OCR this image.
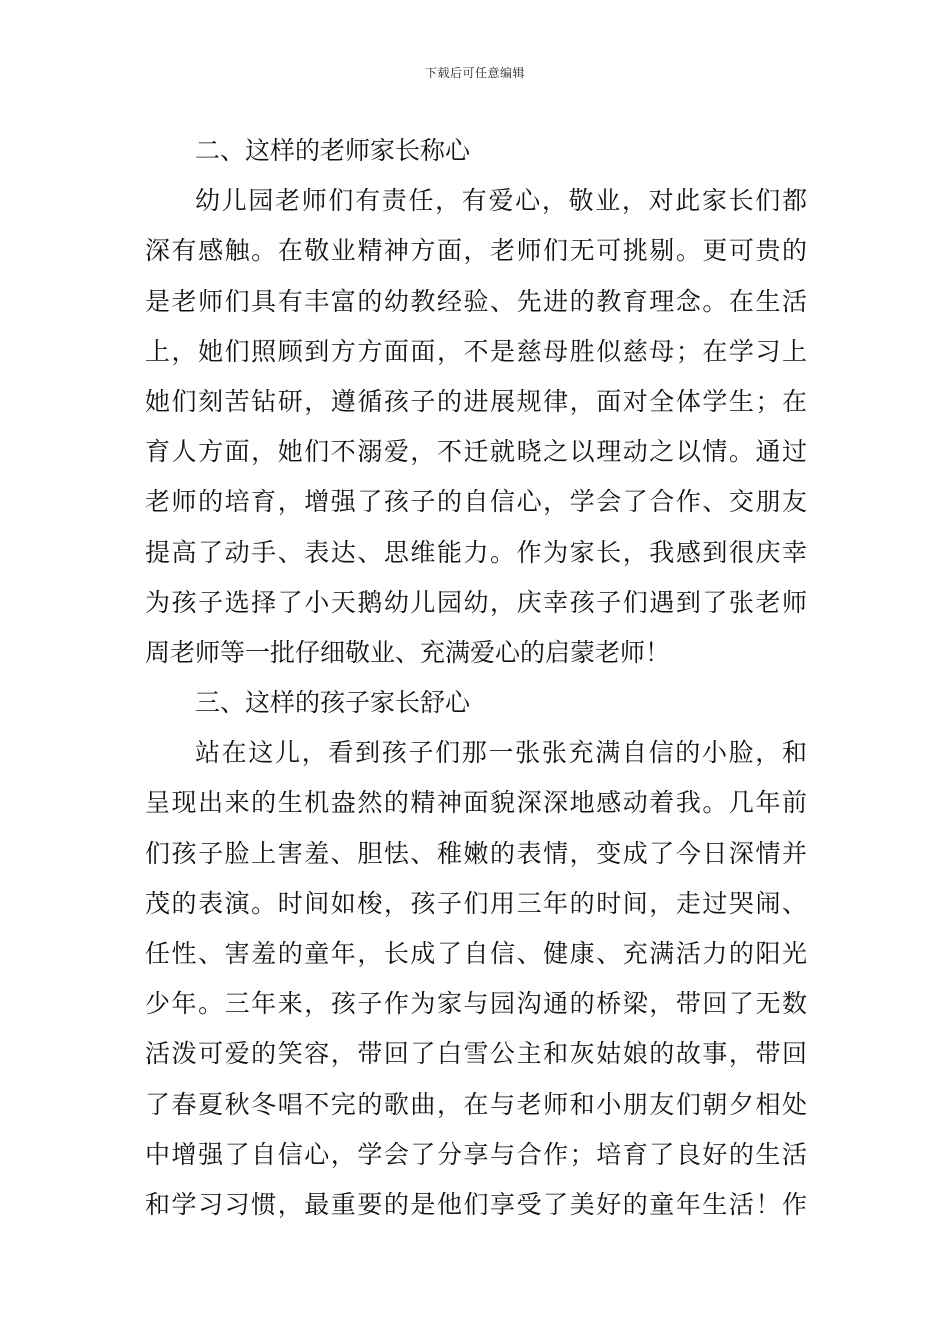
下载后可任意编辑
二、这样的老师家长称心
幼儿园老师们有责任，有爱心，敬业，对此家长们都
深有感触。在敬业精神方面，老师们无可挑剔。更可贵的
是老师们具有丰富的幼教经验、先进的教育理念。在生活
上，她们照顾到方方面面，不是慈母胜似慈母；在学习上
她们刻苦钻研，遵循孩子的进展规律，面对全体学生；在
育人方面，她们不溺爱，不迁就晓之以理动之以情。通过
老师的培育，增强了孩子的自信心，学会了合作、交朋友
提高了动手、表达、思维能力。作为家长，我感到很庆幸
为孩子选择了小天鹅幼儿园幼，庆幸孩子们遇到了张老师
周老师等一批仔细敬业、充满爱心的启蒙老师！
三、这样的孩子家长舒心
站在这儿，看到孩子们那一张张充满自信的小脸，和
呈现出来的生机盎然的精神面貌深深地感动着我。几年前
们孩子脸上害羞、胆怯、稚嫩的表情，变成了今日深情并
茂的表演。时间如梭，孩子们用三年的时间，走过哭闹、
任性、害羞的童年，长成了自信、健康、充满活力的阳光
少年。三年来，孩子作为家与园沟通的桥梁，带回了无数
活泼可爱的笑容，带回了白雪公主和灰姑娘的故事，带回
了春夏秋冬唱不完的歌曲，在与老师和小朋友们朝夕相处
中增强了自信心，学会了分享与合作；培育了良好的生活
和学习习惯，最重要的是他们享受了美好的童年生活！作
